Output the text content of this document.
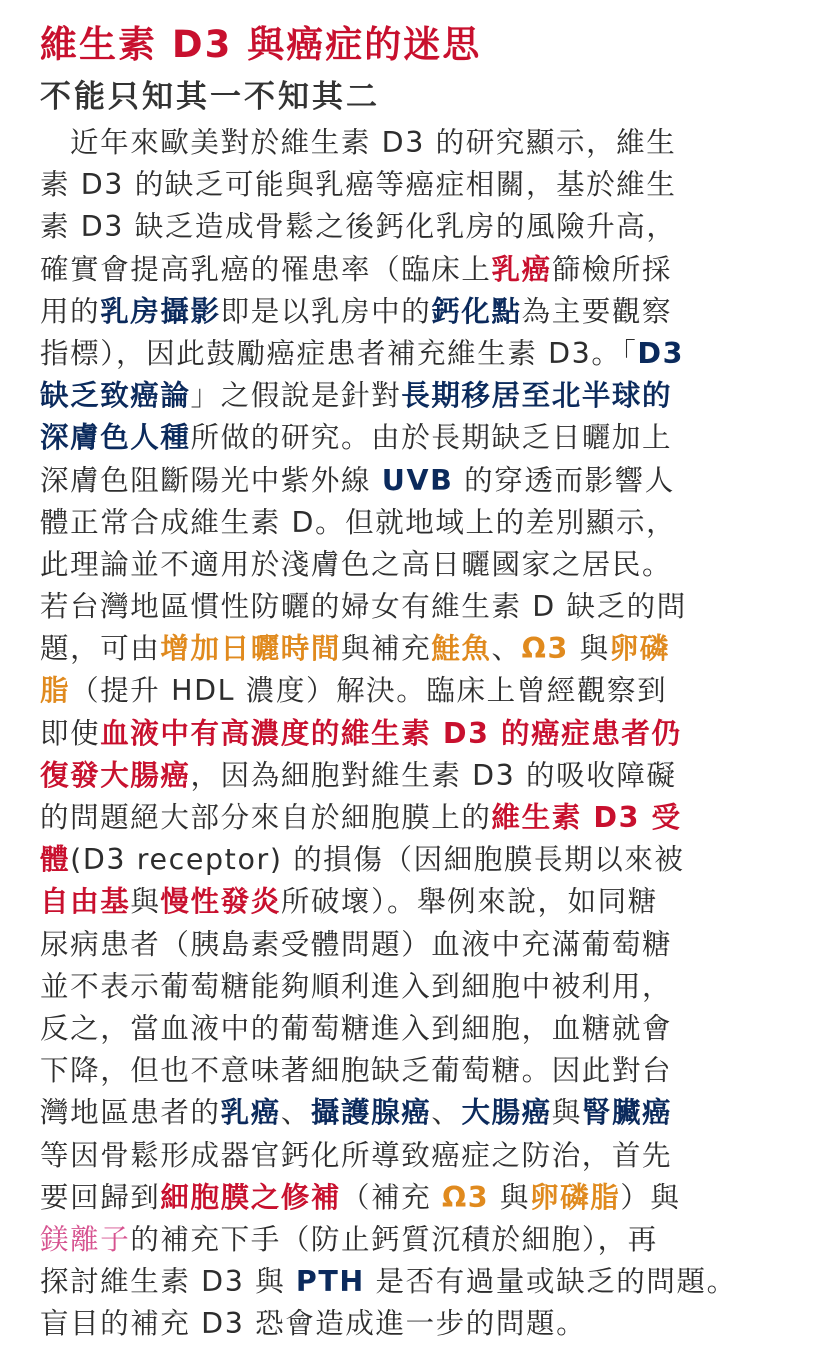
維生素 D3 與癌症的迷思
不能只知其一不知其二
近年來歐美對於維生素 D3 的研究顯示，維生
素 D3 的缺乏可能與乳癌等癌症相關，基於維生
素 D3 缺乏造成骨鬆之後鈣化乳房的風險升高，
確實會提高乳癌的罹患率（臨床上乳癌篩檢所採
用的乳房攝影即是以乳房中的鈣化點為主要觀察
指標），因此鼓勵癌症患者補充維生素 D3。「D3
缺乏致癌論」之假說是針對長期移居至北半球的
深膚色人種所做的研究。由於長期缺乏日曬加上
深膚色阻斷陽光中紫外線 UVB 的穿透而影響人
體正常合成維生素 D。但就地域上的差別顯示，
此理論並不適用於淺膚色之高日曬國家之居民。
若台灣地區慣性防曬的婦女有維生素 D 缺乏的問
題，可由增加日曬時間與補充鮭魚、Ω3 與卵磷
脂（提升 HDL 濃度）解決。臨床上曾經觀察到
即使血液中有高濃度的維生素 D3 的癌症患者仍
復發大腸癌，因為細胞對維生素 D3 的吸收障礙
的問題絕大部分來自於細胞膜上的維生素 D3 受
體(D3 receptor) 的損傷（因細胞膜長期以來被
自由基與慢性發炎所破壞）。舉例來說，如同糖
尿病患者（胰島素受體問題）血液中充滿葡萄糖
並不表示葡萄糖能夠順利進入到細胞中被利用，
反之，當血液中的葡萄糖進入到細胞，血糖就會
下降，但也不意味著細胞缺乏葡萄糖。因此對台
灣地區患者的乳癌、攝護腺癌、大腸癌與腎臟癌
等因骨鬆形成器官鈣化所導致癌症之防治，首先
要回歸到細胞膜之修補（補充 Ω3 與卵磷脂）與
鎂離子的補充下手（防止鈣質沉積於細胞），再
探討維生素 D3 與 PTH 是否有過量或缺乏的問題。
盲目的補充 D3 恐會造成進一步的問題。
